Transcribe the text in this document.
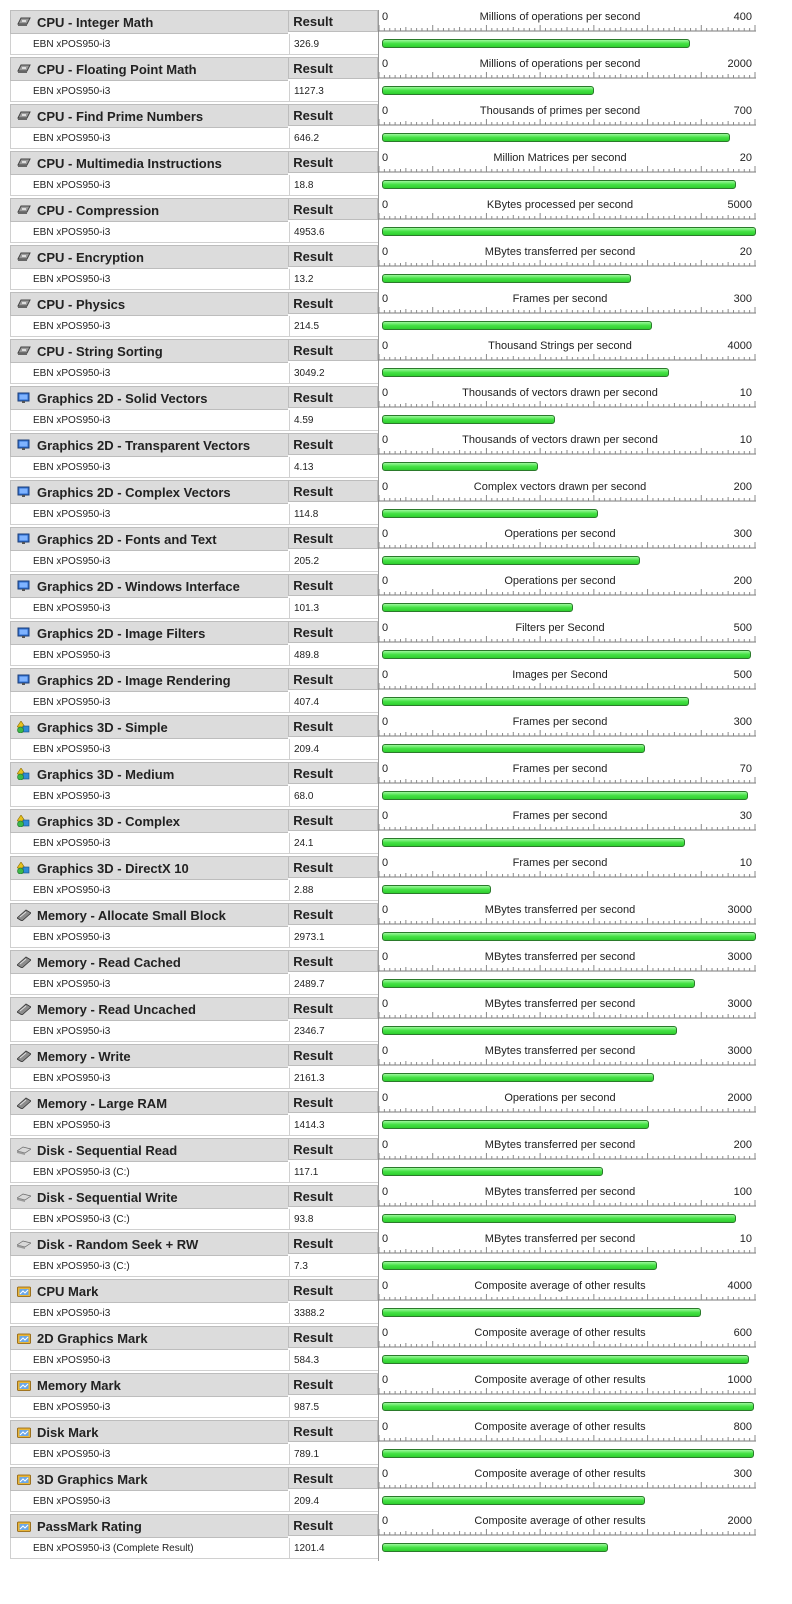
CPU - Integer Math	Result
EBN xPOS950-i3	326.9
0	Millions of operations per second	400
CPU - Floating Point Math	Result
EBN xPOS950-i3	1127.3
0	Millions of operations per second	2000
CPU - Find Prime Numbers	Result
EBN xPOS950-i3	646.2
0	Thousands of primes per second	700
CPU - Multimedia Instructions	Result
EBN xPOS950-i3	18.8
0	Million Matrices per second	20
CPU - Compression	Result
EBN xPOS950-i3	4953.6
0	KBytes processed per second	5000
CPU - Encryption	Result
EBN xPOS950-i3	13.2
0	MBytes transferred per second	20
CPU - Physics	Result
EBN xPOS950-i3	214.5
0	Frames per second	300
CPU - String Sorting	Result
EBN xPOS950-i3	3049.2
0	Thousand Strings per second	4000
Graphics 2D - Solid Vectors	Result
EBN xPOS950-i3	4.59
0	Thousands of vectors drawn per second	10
Graphics 2D - Transparent Vectors	Result
EBN xPOS950-i3	4.13
0	Thousands of vectors drawn per second	10
Graphics 2D - Complex Vectors	Result
EBN xPOS950-i3	114.8
0	Complex vectors drawn per second	200
Graphics 2D - Fonts and Text	Result
EBN xPOS950-i3	205.2
0	Operations per second	300
Graphics 2D - Windows Interface	Result
EBN xPOS950-i3	101.3
0	Operations per second	200
Graphics 2D - Image Filters	Result
EBN xPOS950-i3	489.8
0	Filters per Second	500
Graphics 2D - Image Rendering	Result
EBN xPOS950-i3	407.4
0	Images per Second	500
Graphics 3D - Simple	Result
EBN xPOS950-i3	209.4
0	Frames per second	300
Graphics 3D - Medium	Result
EBN xPOS950-i3	68.0
0	Frames per second	70
Graphics 3D - Complex	Result
EBN xPOS950-i3	24.1
0	Frames per second	30
Graphics 3D - DirectX 10	Result
EBN xPOS950-i3	2.88
0	Frames per second	10
Memory - Allocate Small Block	Result
EBN xPOS950-i3	2973.1
0	MBytes transferred per second	3000
Memory - Read Cached	Result
EBN xPOS950-i3	2489.7
0	MBytes transferred per second	3000
Memory - Read Uncached	Result
EBN xPOS950-i3	2346.7
0	MBytes transferred per second	3000
Memory - Write	Result
EBN xPOS950-i3	2161.3
0	MBytes transferred per second	3000
Memory - Large RAM	Result
EBN xPOS950-i3	1414.3
0	Operations per second	2000
Disk - Sequential Read	Result
EBN xPOS950-i3 (C:)	117.1
0	MBytes transferred per second	200
Disk - Sequential Write	Result
EBN xPOS950-i3 (C:)	93.8
0	MBytes transferred per second	100
Disk - Random Seek + RW	Result
EBN xPOS950-i3 (C:)	7.3
0	MBytes transferred per second	10
CPU Mark	Result
EBN xPOS950-i3	3388.2
0	Composite average of other results	4000
2D Graphics Mark	Result
EBN xPOS950-i3	584.3
0	Composite average of other results	600
Memory Mark	Result
EBN xPOS950-i3	987.5
0	Composite average of other results	1000
Disk Mark	Result
EBN xPOS950-i3	789.1
0	Composite average of other results	800
3D Graphics Mark	Result
EBN xPOS950-i3	209.4
0	Composite average of other results	300
PassMark Rating	Result
EBN xPOS950-i3 (Complete Result)	1201.4
0	Composite average of other results	2000
